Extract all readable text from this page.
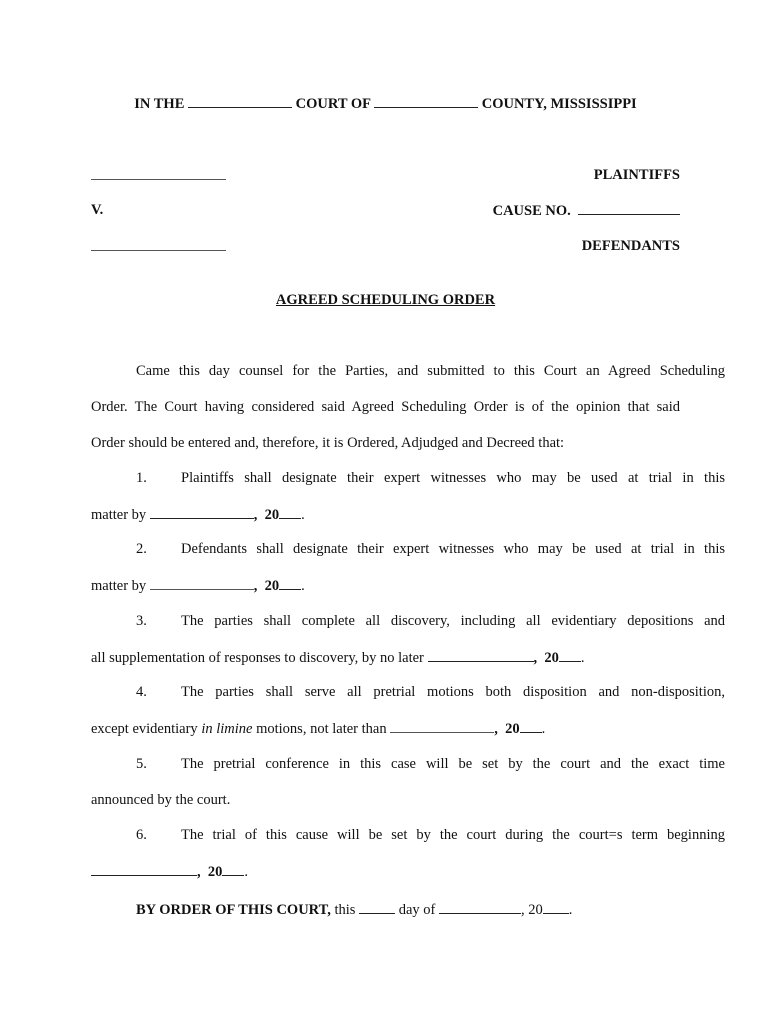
IN THE	COURT OF	COUNTY, MISSISSIPPI
PLAINTIFFS
V.	CAUSE NO.
DEFENDANTS
AGREED SCHEDULING ORDER
Came this day counsel for the Parties, and submitted to this Court an Agreed Scheduling
Order. The Court having considered said Agreed Scheduling Order is of the opinion that said
Order should be entered and, therefore, it is Ordered, Adjudged and Decreed that:
1. Plaintiffs shall designate their expert witnesses who may be used at trial in this
matter by	,  20 .
2. Defendants shall designate their expert witnesses who may be used at trial in this
matter by	,  20 .
3. The parties shall complete all discovery, including all evidentiary depositions and
all supplementation of responses to discovery, by no later	,  20 .
4. The parties shall serve all pretrial motions both disposition and non-disposition,
except evidentiary in limine motions, not later than	,  20 .
5. The pretrial conference in this case will be set by the court and the exact time
announced by the court.
6. The trial of this cause will be set by the court during the court=s term beginning
,  20 .
BY ORDER OF THIS COURT, this	day of	, 20 .
